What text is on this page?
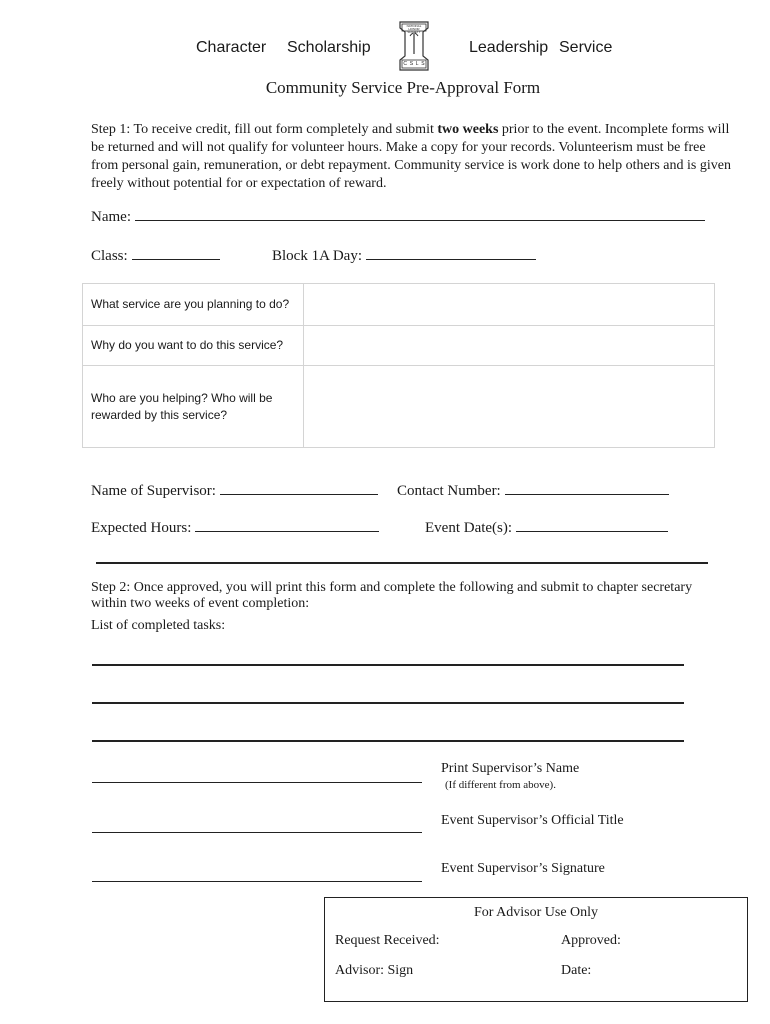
Character Scholarship
NATIONAL HONOR SOCIETY
C S L S
Leadership Service
Community Service Pre-Approval Form
Step 1: To receive credit, fill out form completely and submit two weeks prior to the event. Incomplete forms will be returned and will not qualify for volunteer hours. Make a copy for your records. Volunteerism must be free from personal gain, remuneration, or debt repayment. Community service is work done to help others and is given freely without potential for or expectation of reward.
Name:
Class:	Block 1A Day:
What service are you planning to do?	
Why do you want to do this service?	
Who are you helping? Who will be rewarded by this service?	
Name of Supervisor:	Contact Number:
Expected Hours:	Event Date(s):
Step 2: Once approved, you will print this form and complete the following and submit to chapter secretary within two weeks of event completion:
List of completed tasks:
Print Supervisor’s Name
(If different from above).
Event Supervisor’s Official Title
Event Supervisor’s Signature
For Advisor Use Only
Request Received:	Approved:
Advisor: Sign	Date:
